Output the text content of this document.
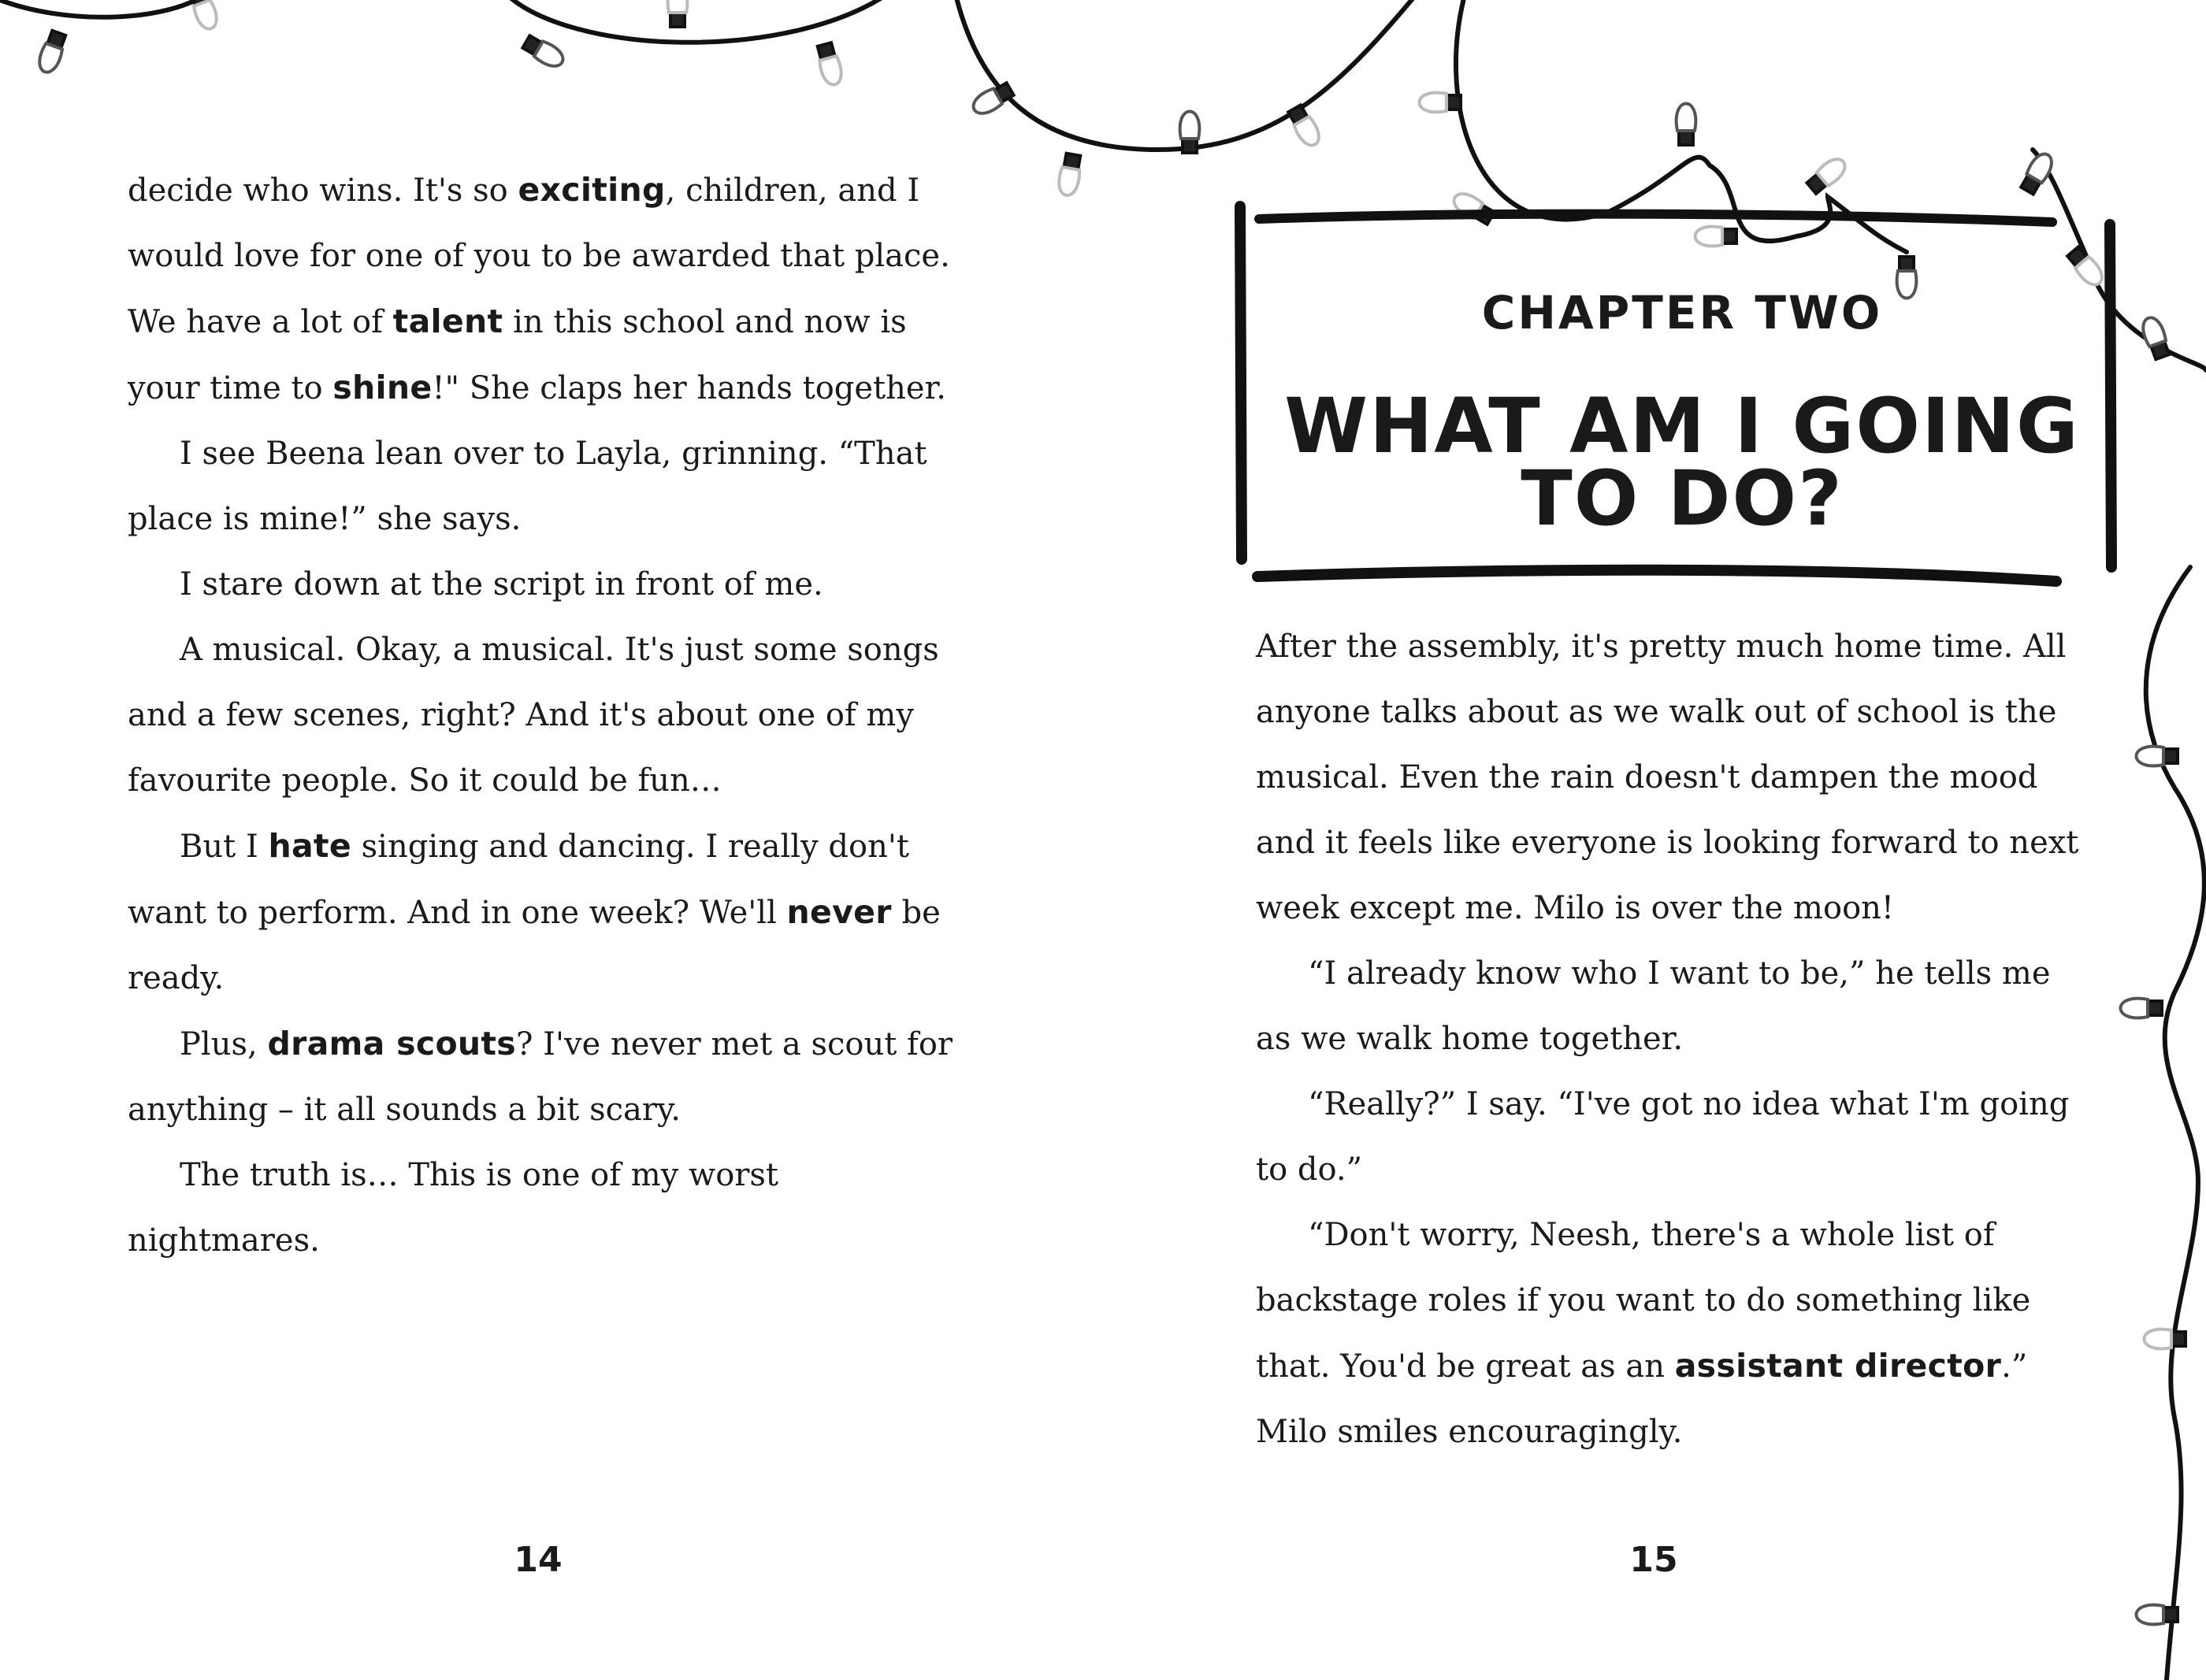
decide who wins. It's so exciting, children, and I would love for one of you to be awarded that place. We have a lot of talent in this school and now is your time to shine!" She claps her hands together.

I see Beena lean over to Layla, grinning. “That place is mine!” she says.

I stare down at the script in front of me.

A musical. Okay, a musical. It's just some songs and a few scenes, right? And it's about one of my favourite people. So it could be fun…

But I hate singing and dancing. I really don't want to perform. And in one week? We'll never be ready.

Plus, drama scouts? I've never met a scout for anything – it all sounds a bit scary.

The truth is… This is one of my worst nightmares.

CHAPTER TWO
WHAT AM I GOING
TO DO?

After the assembly, it's pretty much home time. All anyone talks about as we walk out of school is the musical. Even the rain doesn't dampen the mood and it feels like everyone is looking forward to next week except me. Milo is over the moon!

“I already know who I want to be,” he tells me as we walk home together.

“Really?” I say. “I've got no idea what I'm going to do.”

“Don't worry, Neesh, there's a whole list of backstage roles if you want to do something like that. You'd be great as an assistant director.” Milo smiles encouragingly.

14	15
